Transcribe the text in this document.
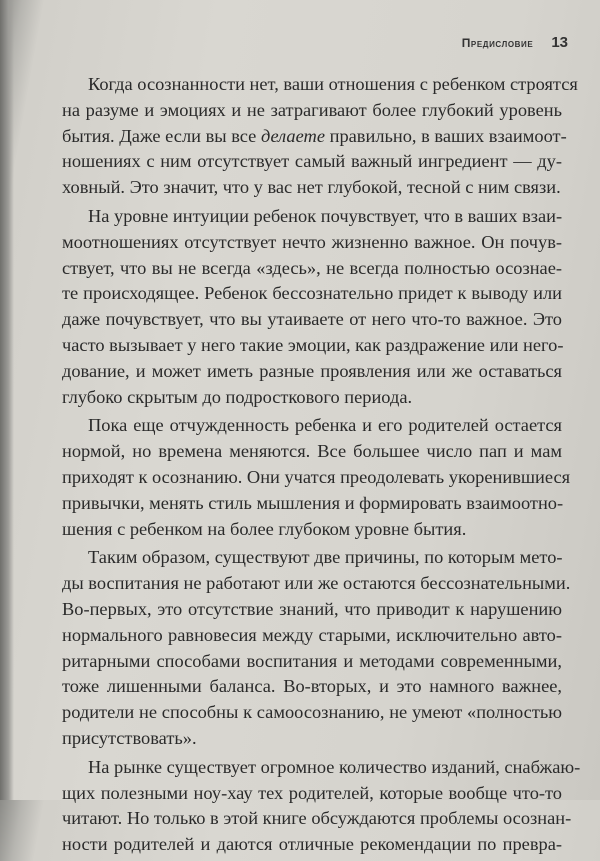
Предисловие 13
Когда осознанности нет, ваши отношения с ребенком строятся
на разуме и эмоциях и не затрагивают более глубокий уровень
бытия. Даже если вы все делаете правильно, в ваших взаимоот-
ношениях с ним отсутствует самый важный ингредиент — ду-
ховный. Это значит, что у вас нет глубокой, тесной с ним связи.
На уровне интуиции ребенок почувствует, что в ваших взаи-
моотношениях отсутствует нечто жизненно важное. Он почув-
ствует, что вы не всегда «здесь», не всегда полностью осознае-
те происходящее. Ребенок бессознательно придет к выводу или
даже почувствует, что вы утаиваете от него что-то важное. Это
часто вызывает у него такие эмоции, как раздражение или него-
дование, и может иметь разные проявления или же оставаться
глубоко скрытым до подросткового периода.
Пока еще отчужденность ребенка и его родителей остается
нормой, но времена меняются. Все большее число пап и мам
приходят к осознанию. Они учатся преодолевать укоренившиеся
привычки, менять стиль мышления и формировать взаимоотно-
шения с ребенком на более глубоком уровне бытия.
Таким образом, существуют две причины, по которым мето-
ды воспитания не работают или же остаются бессознательными.
Во-первых, это отсутствие знаний, что приводит к нарушению
нормального равновесия между старыми, исключительно авто-
ритарными способами воспитания и методами современными,
тоже лишенными баланса. Во-вторых, и это намного важнее,
родители не способны к самоосознанию, не умеют «полностью
присутствовать».
На рынке существует огромное количество изданий, снабжаю-
щих полезными ноу-хау тех родителей, которые вообще что-то
читают. Но только в этой книге обсуждаются проблемы осознан-
ности родителей и даются отличные рекомендации по превра-
